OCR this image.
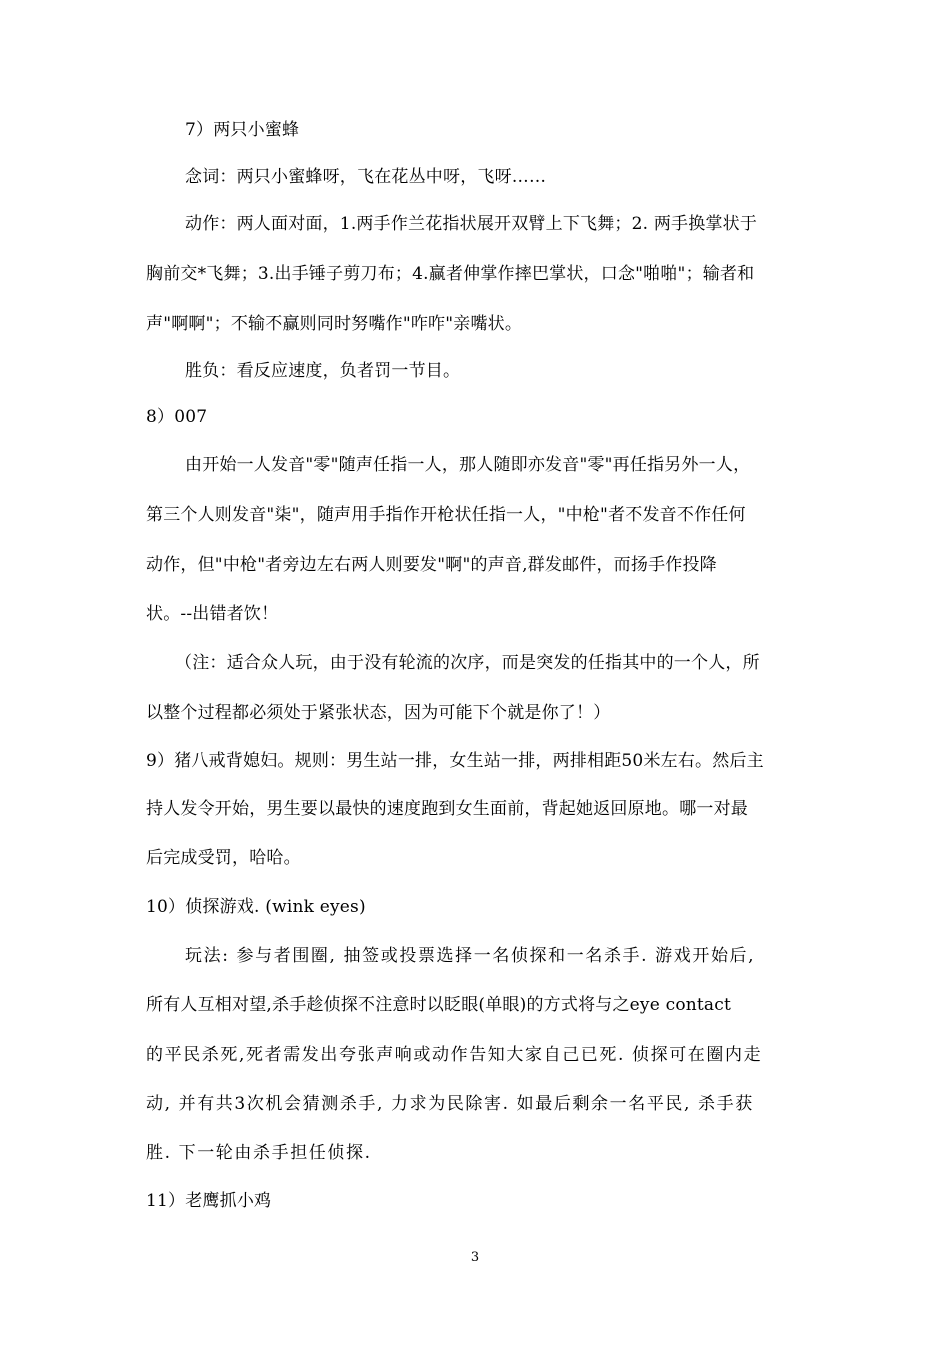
7）两只小蜜蜂
念词：两只小蜜蜂呀，飞在花丛中呀，飞呀……
动作：两人面对面，1.两手作兰花指状展开双臂上下飞舞；2. 两手换掌状于
胸前交*飞舞；3.出手锤子剪刀布；4.赢者伸掌作摔巴掌状，口念"啪啪"；输者和
声"啊啊"；不输不赢则同时努嘴作"咋咋"亲嘴状。
胜负：看反应速度，负者罚一节目。
8）007
由开始一人发音"零"随声任指一人，那人随即亦发音"零"再任指另外一人，
第三个人则发音"柒"，随声用手指作开枪状任指一人，"中枪"者不发音不作任何
动作，但"中枪"者旁边左右两人则要发"啊"的声音,群发邮件，而扬手作投降
状。--出错者饮！
（注：适合众人玩，由于没有轮流的次序，而是突发的任指其中的一个人，所
以整个过程都必须处于紧张状态，因为可能下个就是你了！）
9）猪八戒背媳妇。规则：男生站一排，女生站一排，两排相距50米左右。然后主
持人发令开始，男生要以最快的速度跑到女生面前，背起她返回原地。哪一对最
后完成受罚，哈哈。
10）侦探游戏. (wink eyes)
玩法: 参与者围圈, 抽签或投票选择一名侦探和一名杀手. 游戏开始后,
所有人互相对望,杀手趁侦探不注意时以眨眼(单眼)的方式将与之eye contact
的平民杀死,死者需发出夸张声响或动作告知大家自己已死. 侦探可在圈内走
动, 并有共3次机会猜测杀手, 力求为民除害. 如最后剩余一名平民, 杀手获
胜. 下一轮由杀手担任侦探.
11）老鹰抓小鸡
3
